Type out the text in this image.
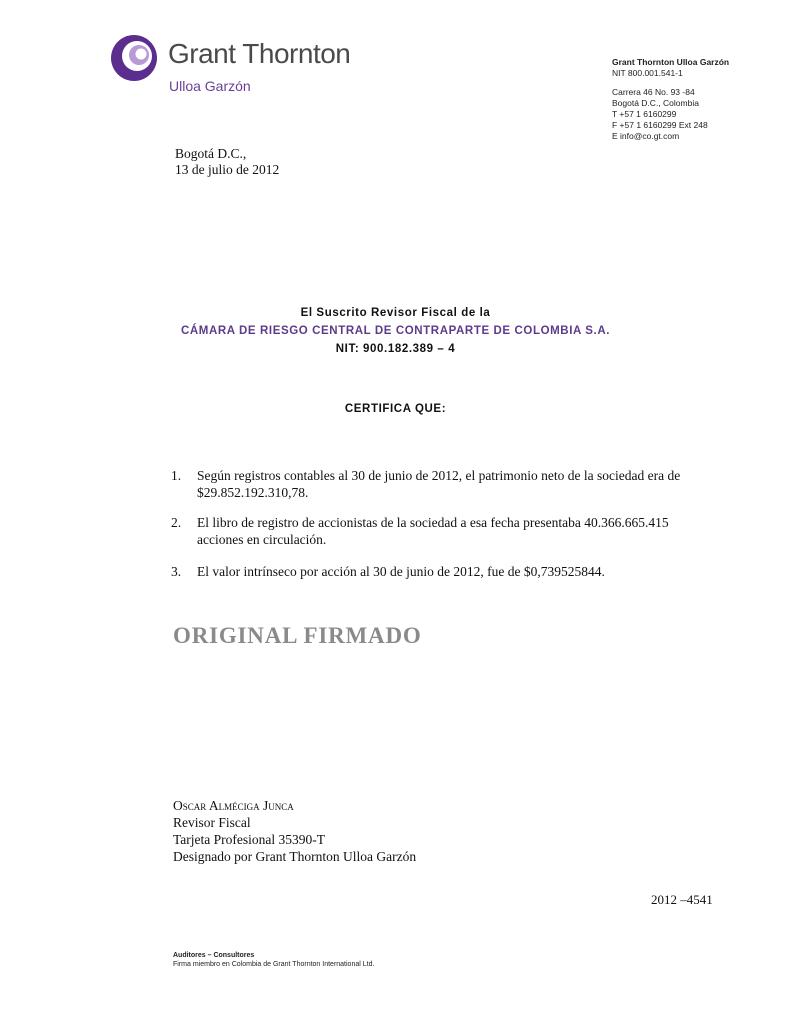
Grant Thornton
Ulloa Garzón
Grant Thornton Ulloa Garzón
NIT 800.001.541-1
Carrera 46 No. 93 -84
Bogotá D.C., Colombia
T +57 1 6160299
F +57 1 6160299 Ext 248
E info@co.gt.com
Bogotá D.C.,
13 de julio de 2012
El Suscrito Revisor Fiscal de la
CÁMARA DE RIESGO CENTRAL DE CONTRAPARTE DE COLOMBIA S.A.
NIT: 900.182.389 – 4
CERTIFICA QUE:
1.	Según registros contables al 30 de junio de 2012, el patrimonio neto de la sociedad era de $29.852.192.310,78.
2.	El libro de registro de accionistas de la sociedad a esa fecha presentaba 40.366.665.415 acciones en circulación.
3.	El valor intrínseco por acción al 30 de junio de 2012, fue de $0,739525844.
ORIGINAL FIRMADO
Oscar Alméciga Junca
Revisor Fiscal
Tarjeta Profesional 35390-T
Designado por Grant Thornton Ulloa Garzón
2012 –4541
Auditores – Consultores
Firma miembro en Colombia de Grant Thornton International Ltd.
